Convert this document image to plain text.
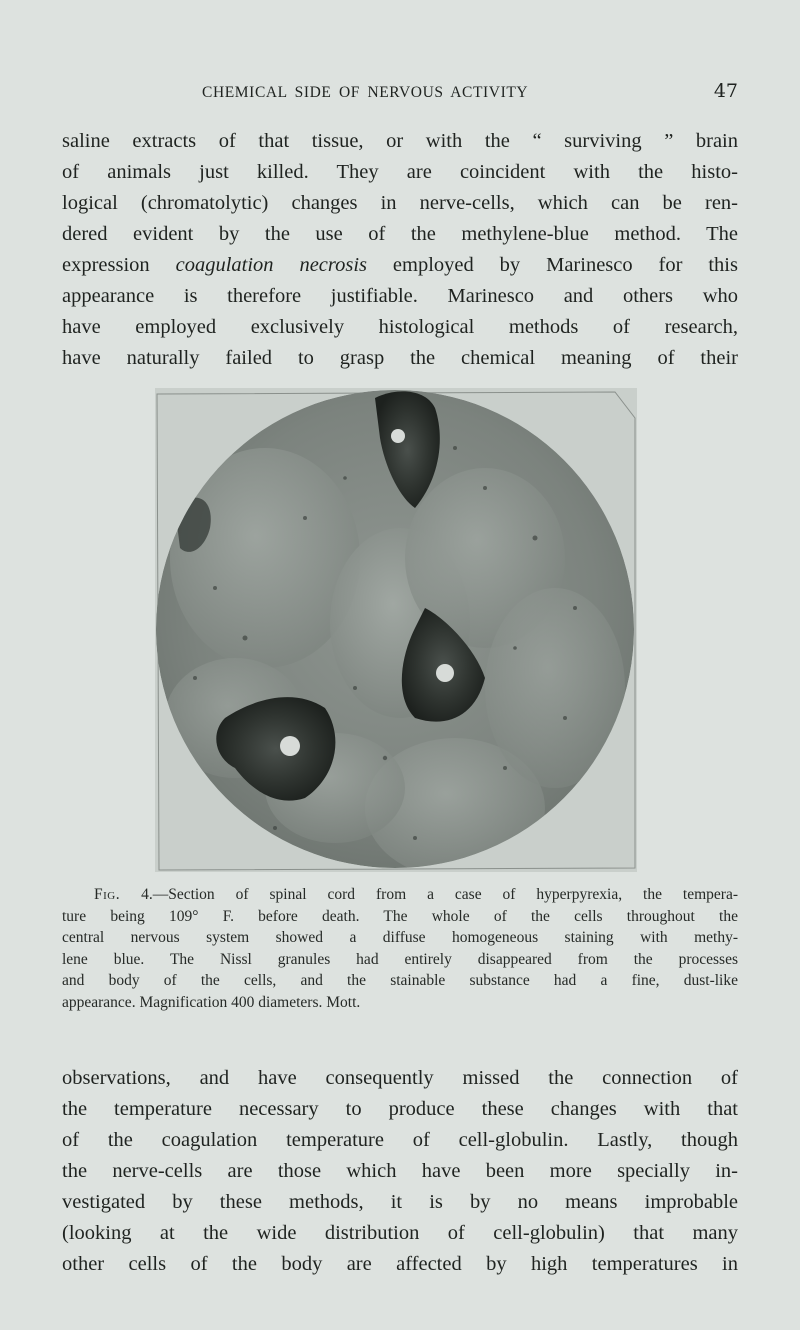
CHEMICAL SIDE OF NERVOUS ACTIVITY	47
saline extracts of that tissue, or with the “ surviving ” brain
of animals just killed. They are coincident with the histo-
logical (chromatolytic) changes in nerve-cells, which can be ren-
dered evident by the use of the methylene-blue method. The
expression coagulation necrosis employed by Marinesco for this
appearance is therefore justifiable. Marinesco and others who
have employed exclusively histological methods of research,
have naturally failed to grasp the chemical meaning of their
Fig. 4.—Section of spinal cord from a case of hyperpyrexia, the tempera-
ture being 109° F. before death. The whole of the cells throughout the
central nervous system showed a diffuse homogeneous staining with methy-
lene blue. The Nissl granules had entirely disappeared from the processes
and body of the cells, and the stainable substance had a fine, dust-like
appearance. Magnification 400 diameters. Mott.
observations, and have consequently missed the connection of
the temperature necessary to produce these changes with that
of the coagulation temperature of cell-globulin. Lastly, though
the nerve-cells are those which have been more specially in-
vestigated by these methods, it is by no means improbable
(looking at the wide distribution of cell-globulin) that many
other cells of the body are affected by high temperatures in
